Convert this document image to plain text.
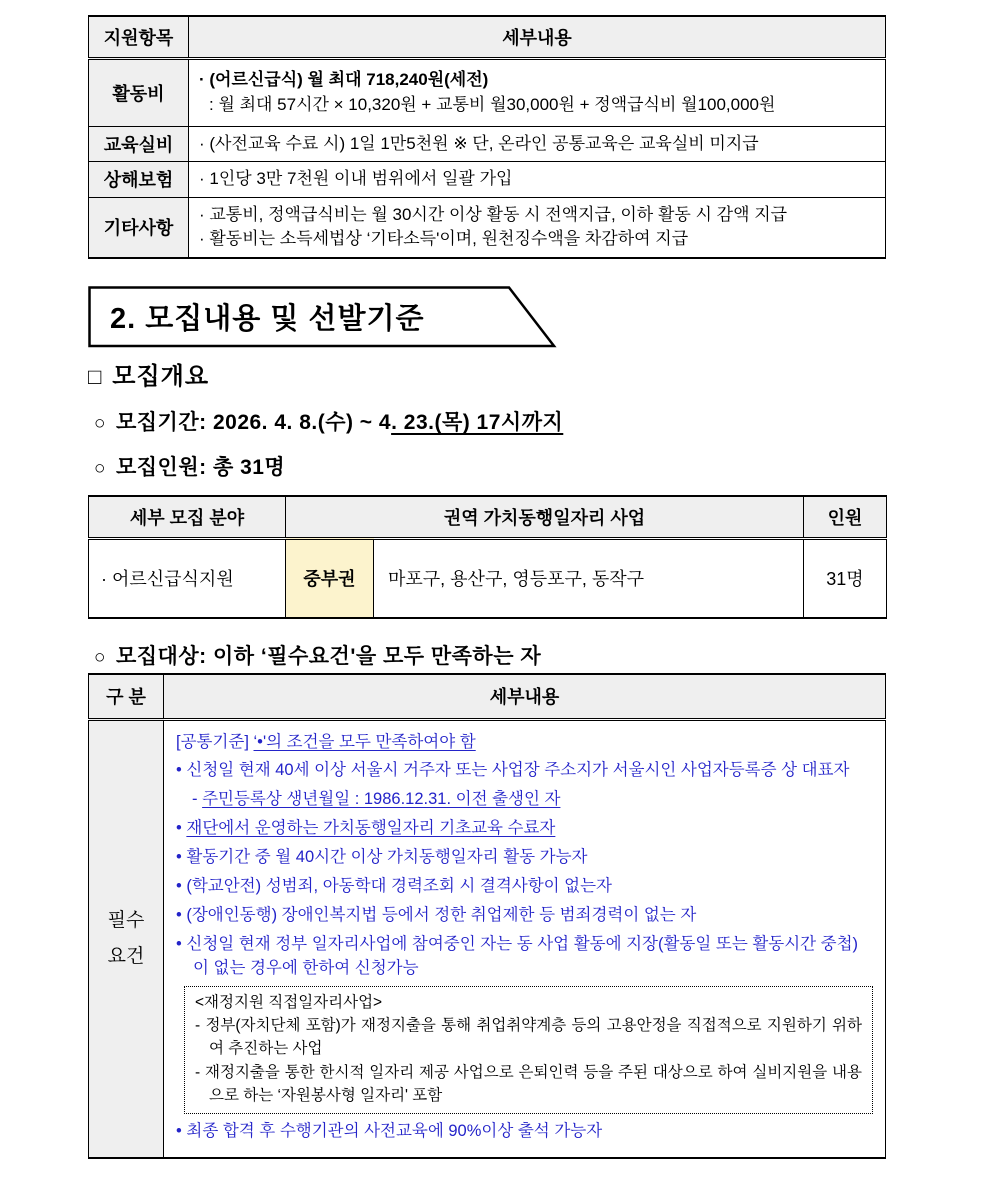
지원항목	세부내용
활동비	· (어르신급식) 월 최대 718,240원(세전)
: 월 최대 57시간 × 10,320원 + 교통비 월30,000원 + 정액급식비 월100,000원

교육실비	· (사전교육 수료 시) 1일 1만5천원 ※ 단, 온라인 공통교육은 교육실비 미지급

상해보험	· 1인당 3만 7천원 이내 범위에서 일괄 가입

기타사항	· 교통비, 정액급식비는 월 30시간 이상 활동 시 전액지급, 이하 활동 시 감액 지급
· 활동비는 소득세법상 ‘기타소득'이며, 원천징수액을 차감하여 지급
2. 모집내용 및 선발기준
□ 모집개요
○ 모집기간: 2026. 4. 8.(수) ~ 4. 23.(목) 17시까지
○ 모집인원: 총 31명
세부 모집 분야	권역 가치동행일자리 사업		인원
· 어르신급식지원	중부권	마포구, 용산구, 영등포구, 동작구	31명
○ 모집대상: 이하 ‘필수요건'을 모두 만족하는 자
구 분	세부내용

필수
요건

[공통기준] ‘•'의 조건을 모두 만족하여야 함
• 신청일 현재 40세 이상 서울시 거주자 또는 사업장 주소지가 서울시인 사업자등록증 상 대표자
- 주민등록상 생년월일 : 1986.12.31. 이전 출생인 자
• 재단에서 운영하는 가치동행일자리 기초교육 수료자
• 활동기간 중 월 40시간 이상 가치동행일자리 활동 가능자
• (학교안전) 성범죄, 아동학대 경력조회 시 결격사항이 없는자
• (장애인동행) 장애인복지법 등에서 정한 취업제한 등 범죄경력이 없는 자
• 신청일 현재 정부 일자리사업에 참여중인 자는 동 사업 활동에 지장(활동일 또는 활동시간 중첩)이 없는 경우에 한하여 신청가능
<재정지원 직접일자리사업>
- 정부(자치단체 포함)가 재정지출을 통해 취업취약계층 등의 고용안정을 직접적으로 지원하기 위하여 추진하는 사업
- 재정지출을 통한 한시적 일자리 제공 사업으로 은퇴인력 등을 주된 대상으로 하여 실비지원을 내용으로 하는 ‘자원봉사형 일자리' 포함
• 최종 합격 후 수행기관의 사전교육에 90%이상 출석 가능자
